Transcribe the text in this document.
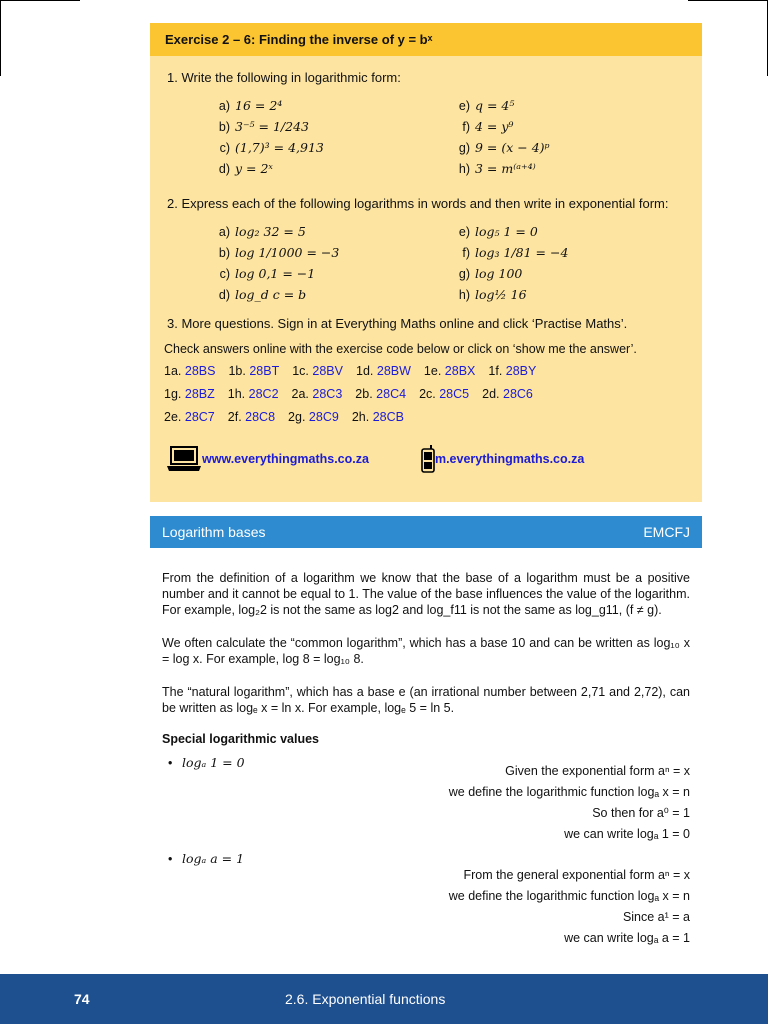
Exercise 2 – 6: Finding the inverse of y = bˣ
1. Write the following in logarithmic form:
a) 16 = 2⁴	e) q = 4⁵
b) 3⁻⁵ = 1/243	f) 4 = y⁹
c) (1,7)³ = 4,913	g) 9 = (x − 4)ᵖ
d) y = 2ˣ	h) 3 = m⁽ᵃ⁺⁴⁾
2. Express each of the following logarithms in words and then write in exponential form:
a) log₂ 32 = 5	e) log₅ 1 = 0
b) log 1/1000 = −3	f) log₃ 1/81 = −4
c) log 0,1 = −1	g) log 100
d) log_d c = b	h) log½ 16
3. More questions. Sign in at Everything Maths online and click ‘Practise Maths’.
Check answers online with the exercise code below or click on ‘show me the answer’.
1a. 28BS 1b. 28BT 1c. 28BV 1d. 28BW 1e. 28BX 1f. 28BY
1g. 28BZ 1h. 28C2 2a. 28C3 2b. 28C4 2c. 28C5 2d. 28C6
2e. 28C7 2f. 28C8 2g. 28C9 2h. 28CB
www.everythingmaths.co.za	m.everythingmaths.co.za
Logarithm bases	EMCFJ

From the definition of a logarithm we know that the base of a logarithm must be a positive number and it cannot be equal to 1. The value of the base influences the value of the logarithm. For example, log₂2 is not the same as log2 and log_f11 is not the same as log_g11, (f ≠ g).

We often calculate the “common logarithm”, which has a base 10 and can be written as log₁₀ x = log x. For example, log 8 = log₁₀ 8.

The “natural logarithm”, which has a base e (an irrational number between 2,71 and 2,72), can be written as logₑ x = ln x. For example, logₑ 5 = ln 5.

Special logarithmic values
• logₐ 1 = 0
Given the exponential form aⁿ = x
we define the logarithmic function logₐ x = n
So then for a⁰ = 1
we can write logₐ 1 = 0
• logₐ a = 1
From the general exponential form aⁿ = x
we define the logarithmic function logₐ x = n
Since a¹ = a
we can write logₐ a = 1
74	2.6. Exponential functions
